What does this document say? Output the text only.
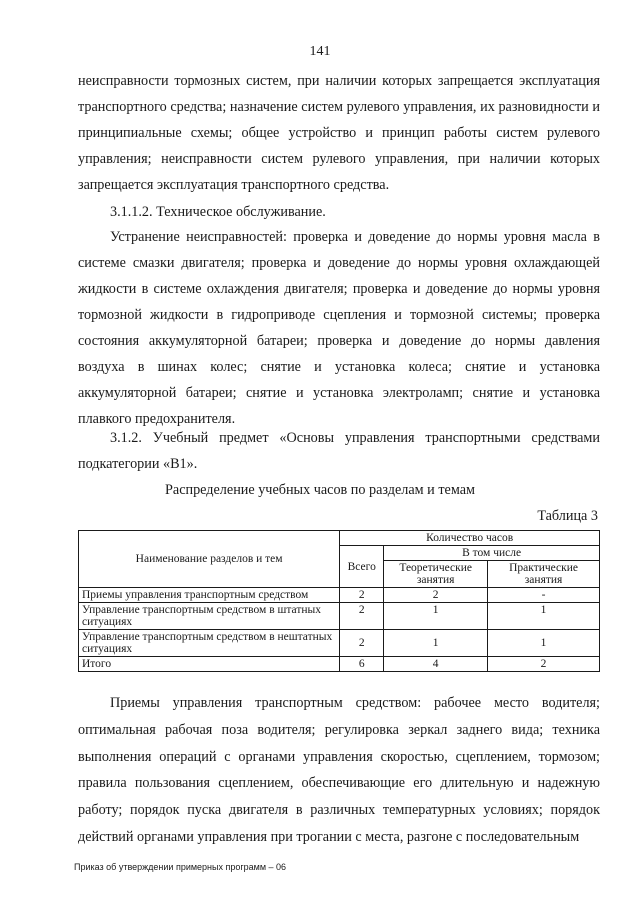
141
неисправности тормозных систем, при наличии которых запрещается эксплуатация транспортного средства; назначение систем рулевого управления, их разновидности и принципиальные схемы; общее устройство и принцип работы систем рулевого управления; неисправности систем рулевого управления, при наличии которых запрещается эксплуатация транспортного средства.
3.1.1.2. Техническое обслуживание.
Устранение неисправностей: проверка и доведение до нормы уровня масла в системе смазки двигателя; проверка и доведение до нормы уровня охлаждающей жидкости в системе охлаждения двигателя; проверка и доведение до нормы уровня тормозной жидкости в гидроприводе сцепления и тормозной системы; проверка состояния аккумуляторной батареи; проверка и доведение до нормы давления воздуха в шинах колес; снятие и установка колеса; снятие и установка аккумуляторной батареи; снятие и установка электроламп; снятие и установка плавкого предохранителя.
3.1.2. Учебный предмет «Основы управления транспортными средствами подкатегории «B1».
Распределение учебных часов по разделам и темам
Таблица 3
Наименование разделов и тем	Количество часов		
	Всего	В том числе	
		Теоретические занятия	Практические занятия
Приемы управления транспортным средством	2	2	-
Управление транспортным средством в штатных ситуациях	2	1	1
Управление транспортным средством в нештатных ситуациях	2	1	1
Итого	6	4	2
Приемы управления транспортным средством: рабочее место водителя; оптимальная рабочая поза водителя; регулировка зеркал заднего вида; техника выполнения операций с органами управления скоростью, сцеплением, тормозом; правила пользования сцеплением, обеспечивающие его длительную и надежную работу; порядок пуска двигателя в различных температурных условиях; порядок действий органами управления при трогании с места, разгоне с последовательным
Приказ об утверждении примерных программ – 06
